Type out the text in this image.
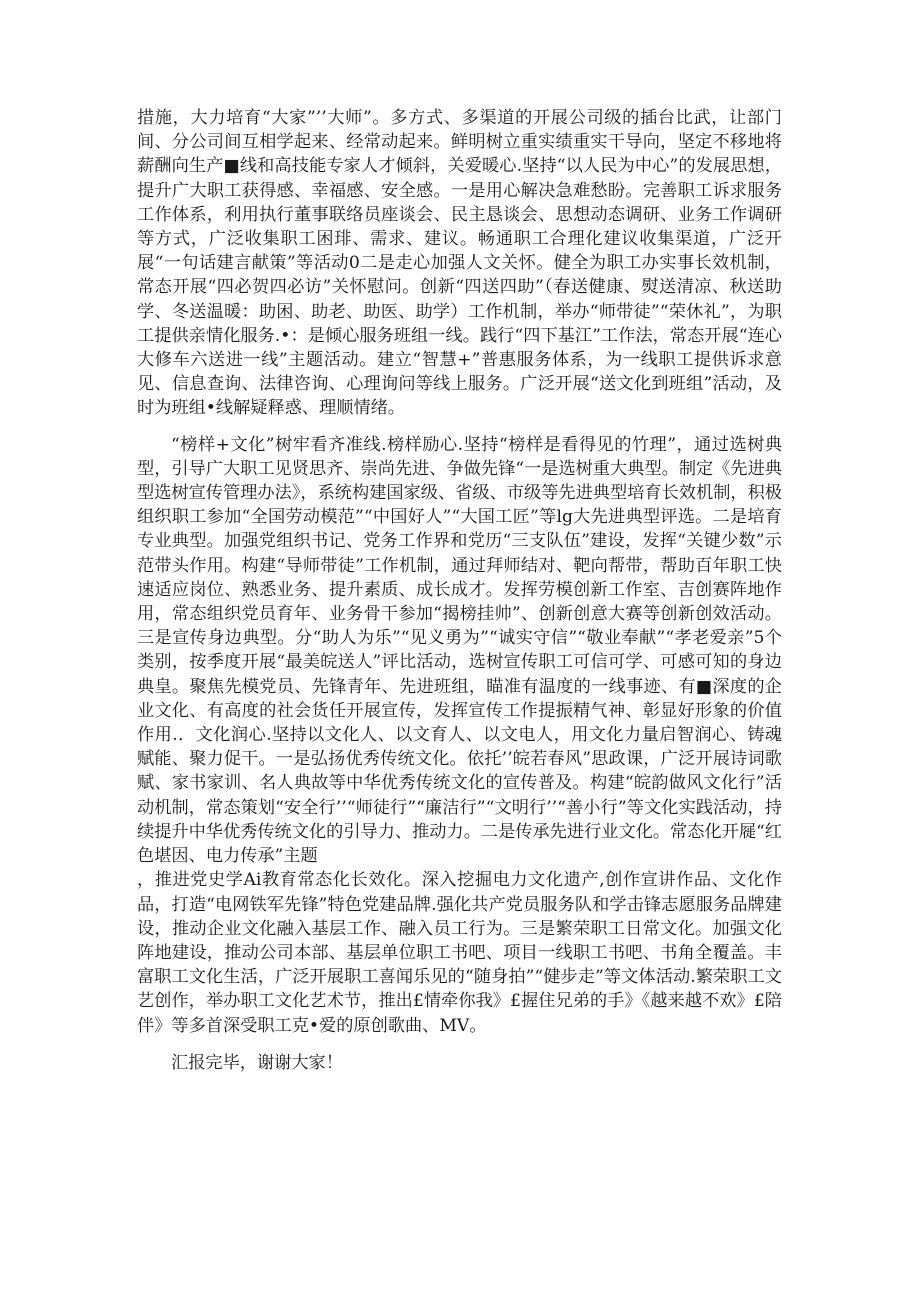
措施，大力培育“大家”’’大师”。多方式、多渠道的开展公司级的插台比武，让部门间、分公司间互相学起来、经常动起来。鲜明树立重实绩重实干导向，坚定不移地将薪酬向生产■线和高技能专家人才倾斜，关爱暖心.坚持“以人民为中心”的发展思想，提升广大职工获得感、幸福感、安全感。一是用心解决急难愁盼。完善职工诉求服务工作体系，利用执行董事联络员座谈会、民主恳谈会、思想动态调研、业务工作调研等方式，广泛收集职工困琲、需求、建议。畅通职工合理化建议收集渠道，广泛开展“一句话建言献策”等活动0二是走心加强人文关怀。健全为职工办实事长效机制，常态开展“四必贺四必访”关怀慰问。创新“四送四助”（春送健康、熨送清凉、秋送助学、冬送温暖：助困、助老、助医、助学）工作机制，举办“师带徒”“荣休礼”，为职工提供亲情化服务.•：是倾心服务班组一线。践行“四下基江”工作法，常态开展“连心大修车六送进一线”主题活动。建立“智慧+”普惠服务体系，为一线职工提供诉求意见、信息查询、法律咨询、心理询问等线上服务。广泛开展“送文化到班组”活动，及时为班组•线解疑释惑、理顺情绪。

“榜样+文化”树牢看齐准线.榜样励心.坚持“榜样是看得见的竹理”，通过选树典型，引导广大职工见贤思齐、崇尚先进、争做先锋“一是选树重大典型。制定《先进典型选树宣传管理办法》，系统构建国家级、省级、市级等先进典型培育长效机制，积极组织职工参加“全国劳动模范”“中国好人”“大国工匠”等lg大先进典型评选。二是培育专业典型。加强党组织书记、党务工作界和党历“三支队伍”建设，发挥“关键少数”示范带头作用。构建“导师带徒”工作机制，通过拜师结对、靶向帮带，帮助百年职工快速适应岗位、熟悉业务、提升素质、成长成才。发挥劳模创新工作室、吉创赛阵地作用，常态组织党员育年、业务骨干参加“揭榜挂帅”、创新创意大赛等创新创效活动。三是宣传身边典型。分“助人为乐”“见义勇为”“诚实守信”“敬业奉献”“孝老爱亲”5个类别，按季度开展“最美皖送人”评比活动，选树宣传职工可信可学、可感可知的身边典皇。聚焦先模党员、先锋青年、先进班组，瞄准有温度的一线事迹、有■深度的企业文化、有高度的社会货任开展宣传，发挥宣传工作提振精气神、彰显好形象的价值作用.．文化润心.坚持以文化人、以文育人、以文电人，用文化力量启智润心、铸魂赋能、聚力促干。一是弘扬优秀传统文化。依托’’皖若春风”思政课，广泛开展诗词歌赋、家书家训、名人典故等中华优秀传统文化的宣传普及。构建“皖韵做风文化行”活动机制，常态策划“安全行’’“师徒行”“廉洁行”“文明行’’“善小行”等文化实践活动，持续提升中华优秀传统文化的引导力、推动力。二是传承先进行业文化。常态化开屣“红色堪因、电力传承”主题

，推进党史学Ai教育常态化长效化。深入挖掘电力文化遗产,创作宣讲作品、文化作品，打造“电网铁军先锋”特色党建品牌.强化共产党员服务队和学击锋志愿服务品牌建设，推动企业文化融入基层工作、融入员工行为。三是繁荣职工日常文化。加强文化阵地建设，推动公司本部、基层单位职工书吧、项目一线职工书吧、书角全覆盖。丰富职工文化生活，广泛开展职工喜闻乐见的“随身拍”“健步走”等文体活动.繁荣职工文艺创作，举办职工文化艺术节，推出£情牵你我》£握住兄弟的手》《越来越不欢》£陪伴》等多首深受职工克•爱的原创歌曲、MV。

汇报完毕，谢谢大家！
